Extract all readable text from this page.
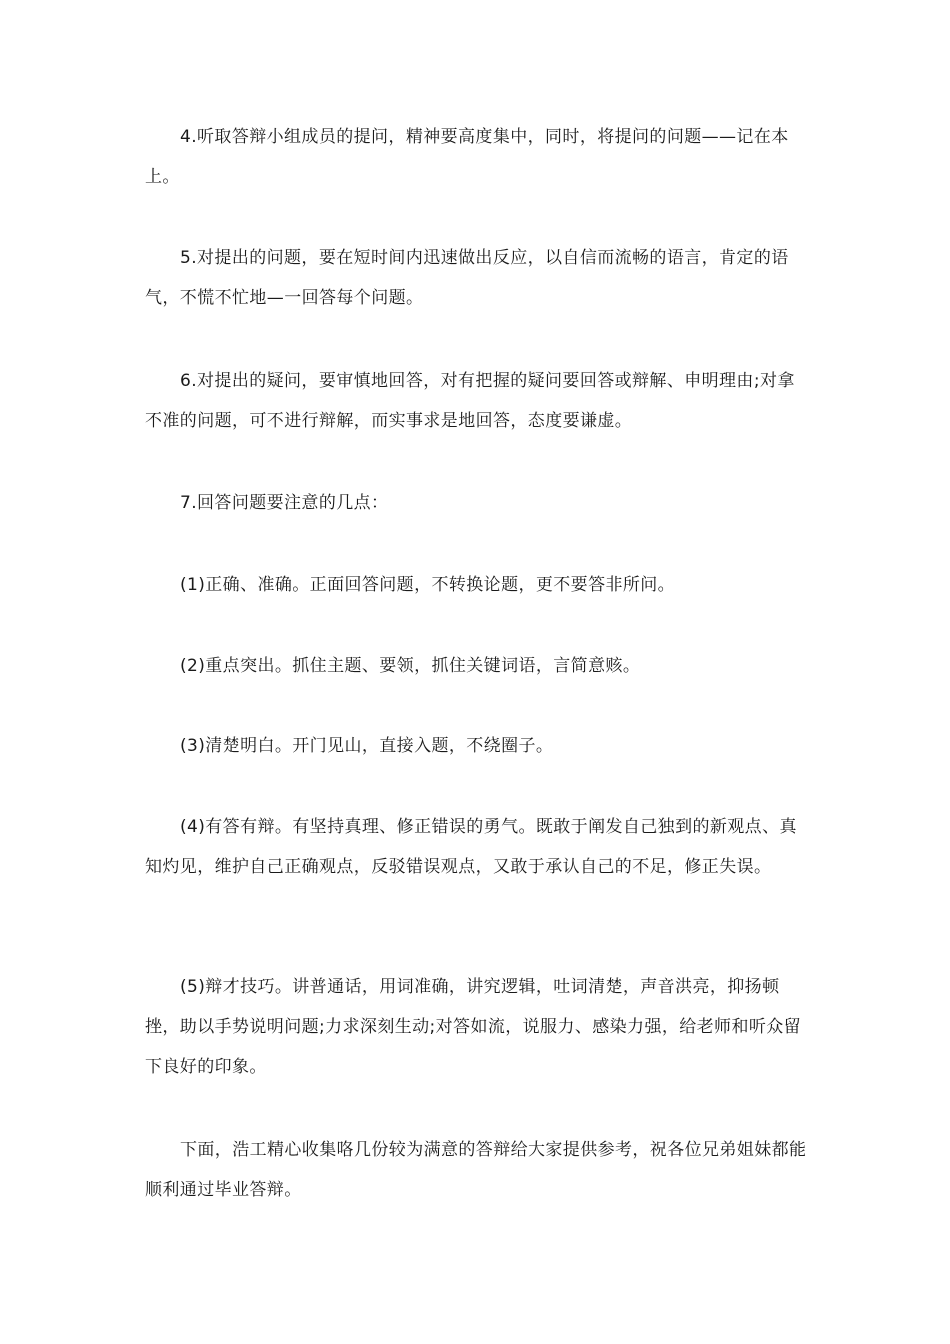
4.听取答辩小组成员的提问，精神要高度集中，同时，将提问的问题——记在本上。

5.对提出的问题，要在短时间内迅速做出反应，以自信而流畅的语言，肯定的语气，不慌不忙地—一回答每个问题。

6.对提出的疑问，要审慎地回答，对有把握的疑问要回答或辩解、申明理由;对拿不准的问题，可不进行辩解，而实事求是地回答，态度要谦虚。

7.回答问题要注意的几点：

(1)正确、准确。正面回答问题，不转换论题，更不要答非所问。

(2)重点突出。抓住主题、要领，抓住关键词语，言简意赅。

(3)清楚明白。开门见山，直接入题，不绕圈子。

(4)有答有辩。有坚持真理、修正错误的勇气。既敢于阐发自己独到的新观点、真知灼见，维护自己正确观点，反驳错误观点，又敢于承认自己的不足，修正失误。

(5)辩才技巧。讲普通话，用词准确，讲究逻辑，吐词清楚，声音洪亮，抑扬顿挫，助以手势说明问题;力求深刻生动;对答如流，说服力、感染力强，给老师和听众留下良好的印象。

下面，浩工精心收集咯几份较为满意的答辩给大家提供参考，祝各位兄弟姐妹都能顺利通过毕业答辩。
